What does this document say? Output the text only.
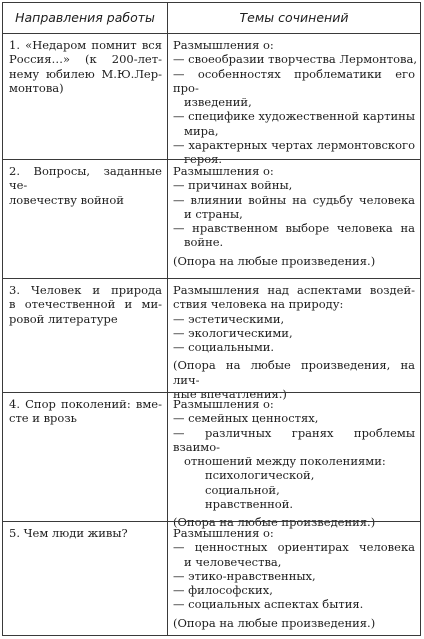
Направления работы	Темы сочинений
1. «Недаром помнит вся
Россия…» (к 200-лет-
нему юбилею М.Ю.Лер-
монтова)
Размышления о:
— своеобразии творчества Лермонтова,
— особенностях проблематики его про-
изведений,
— специфике художественной картины
мира,
— характерных чертах лермонтовского
героя.
2. Вопросы, заданные че-
ловечеству войной
Размышления о:
— причинах войны,
— влиянии войны на судьбу человека
и страны,
— нравственном выборе человека на
войне.
(Опора на любые произведения.)
3. Человек и природа
в отечественной и ми-
ровой литературе
Размышления над аспектами воздей-
ствия человека на природу:
— эстетическими,
— экологическими,
— социальными.
(Опора на любые произведения, на лич-
ные впечатления.)
4. Спор поколений: вме-
сте и врозь
Размышления о:
— семейных ценностях,
— различных гранях проблемы взаимо-
отношений между поколениями:
психологической,
социальной,
нравственной.
(Опора на любые произведения.)
5. Чем люди живы?	Размышления о:
— ценностных ориентирах человека
и человечества,
— этико-нравственных,
— философских,
— социальных аспектах бытия.
(Опора на любые произведения.)
